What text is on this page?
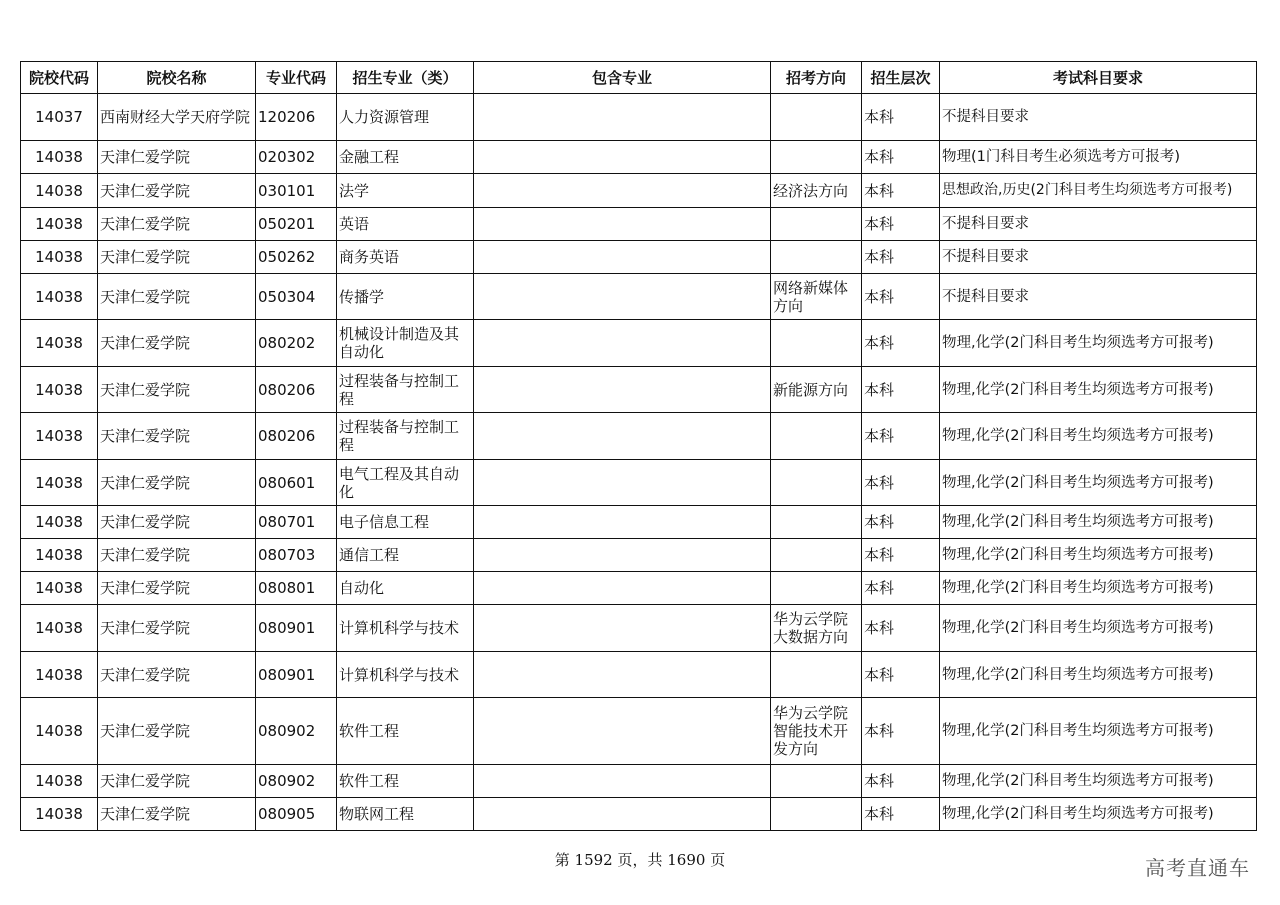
院校代码	院校名称	专业代码	招生专业（类）	包含专业	招考方向	招生层次	考试科目要求
14037	西南财经大学天府学院	120206	人力资源管理			本科	不提科目要求
14038	天津仁爱学院	020302	金融工程			本科	物理(1门科目考生必须选考方可报考)
14038	天津仁爱学院	030101	法学		经济法方向	本科	思想政治,历史(2门科目考生均须选考方可报考)
14038	天津仁爱学院	050201	英语			本科	不提科目要求
14038	天津仁爱学院	050262	商务英语			本科	不提科目要求
14038	天津仁爱学院	050304	传播学		网络新媒体方向	本科	不提科目要求
14038	天津仁爱学院	080202	机械设计制造及其自动化			本科	物理,化学(2门科目考生均须选考方可报考)
14038	天津仁爱学院	080206	过程装备与控制工程		新能源方向	本科	物理,化学(2门科目考生均须选考方可报考)
14038	天津仁爱学院	080206	过程装备与控制工程			本科	物理,化学(2门科目考生均须选考方可报考)
14038	天津仁爱学院	080601	电气工程及其自动化			本科	物理,化学(2门科目考生均须选考方可报考)
14038	天津仁爱学院	080701	电子信息工程			本科	物理,化学(2门科目考生均须选考方可报考)
14038	天津仁爱学院	080703	通信工程			本科	物理,化学(2门科目考生均须选考方可报考)
14038	天津仁爱学院	080801	自动化			本科	物理,化学(2门科目考生均须选考方可报考)
14038	天津仁爱学院	080901	计算机科学与技术		华为云学院大数据方向	本科	物理,化学(2门科目考生均须选考方可报考)
14038	天津仁爱学院	080901	计算机科学与技术			本科	物理,化学(2门科目考生均须选考方可报考)
14038	天津仁爱学院	080902	软件工程		华为云学院智能技术开发方向	本科	物理,化学(2门科目考生均须选考方可报考)
14038	天津仁爱学院	080902	软件工程			本科	物理,化学(2门科目考生均须选考方可报考)
14038	天津仁爱学院	080905	物联网工程			本科	物理,化学(2门科目考生均须选考方可报考)
第 1592 页，共 1690 页	高考直通车
